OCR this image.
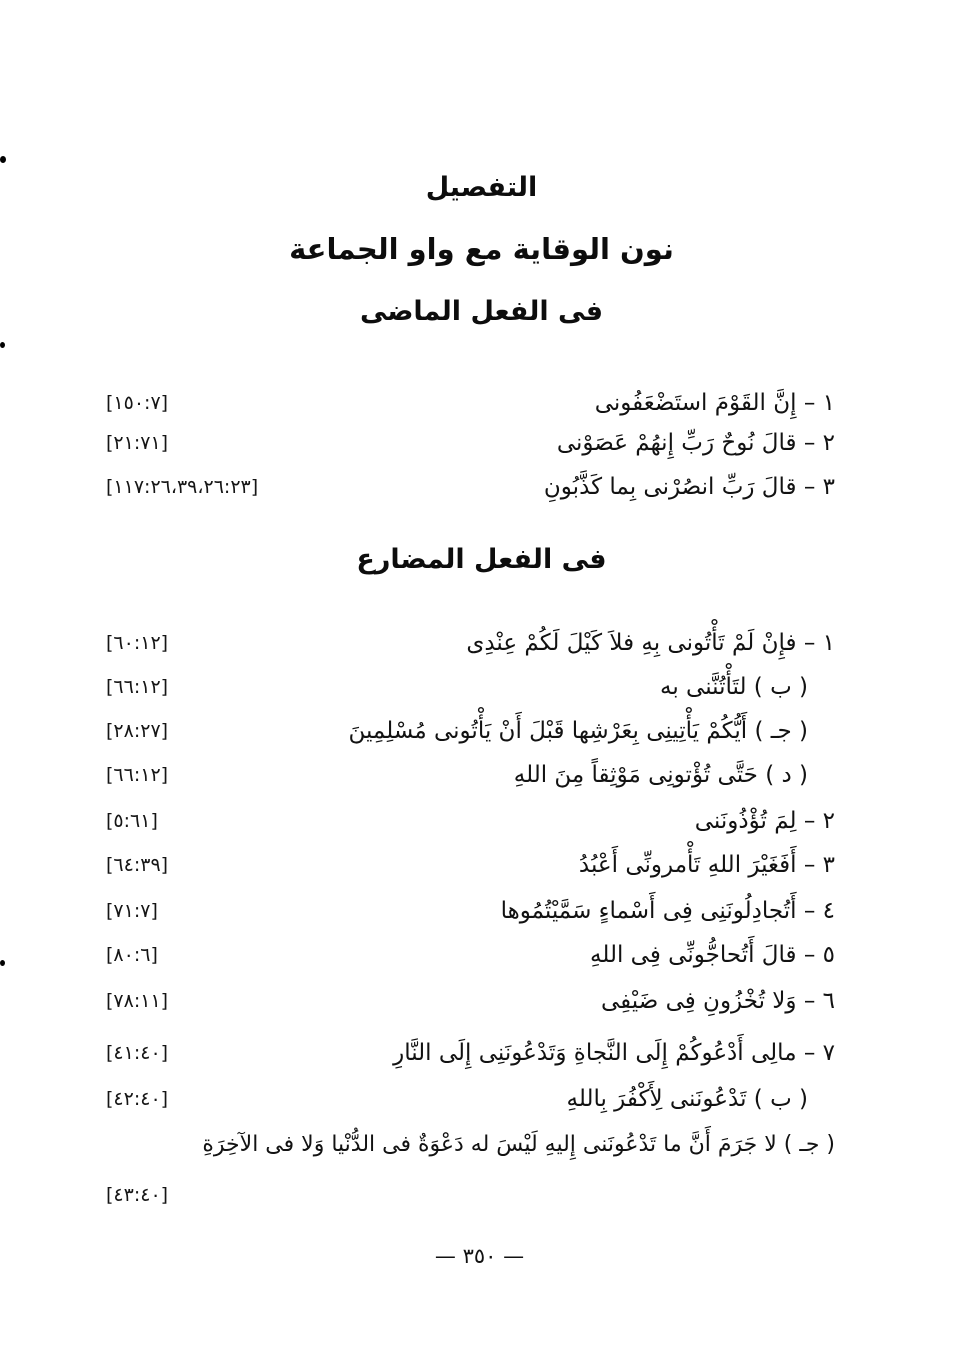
التفصيل
نون الوقاية مع واو الجماعة
فى الفعل الماضى
١ – إِنَّ القَوْمَ استَضْعَفُونى
[١٥٠:٧]
٢ – قالَ نُوحٌ رَبِّ إِنهُمْ عَصَوْنى
[٢١:٧١]
٣ – قالَ رَبِّ انصُرْنى بِما كَذَّبُونِ
[١١٧:٢٦،٣٩،٢٦:٢٣]
فى الفعل المضارع
١ – فإِنْ لَمْ تَأْتُونى بِهِ فلاَ كَيْلَ لَكُمْ عِنْدِى
[٦٠:١٢]
( ب ) لتَأْتُنَّنى به
[٦٦:١٢]
( جـ ) أَيُّكُمْ يَأْتِينِى بِعَرْشِها قَبْلَ أَنْ يَأْتُونى مُسْلِمِينَ
[٢٨:٢٧]
( د ) حَتَّى تُؤْتونِى مَوْثِقاً مِنَ اللهِ
[٦٦:١٢]
٢ – لِمَ تُؤْذُونَنى
[٥:٦١]
٣ – أَفَغَيْرَ اللهِ تَأْمرونِّى أَعْبُدُ
[٦٤:٣٩]
٤ – أَتُجادِلُونَنِى فِى أَسْماءٍ سَمَّيْتُمُوها
[٧١:٧]
٥ – قالَ أَتُحاجُّونِّى فِى اللهِ
[٨٠:٦]
٦ – وَلا تُخْزُونِ فِى ضَيْفِى
[٧٨:١١]
٧ – مالِى أَدْعُوكُمْ إِلَى النَّجاةِ وَتَدْعُونَنِى إِلَى النَّارِ
[٤١:٤٠]
( ب ) تَدْعُونَنى لِأَكْفُرَ بِاللهِ
[٤٢:٤٠]
( جـ ) لا جَرَمَ أَنَّ ما تَدْعُونَنى إِليهِ لَيْسَ له دَعْوَةٌ فى الدُّنْيا وَلا فى الآخِرَةِ
[٤٣:٤٠]
— ٣٥٠ —
